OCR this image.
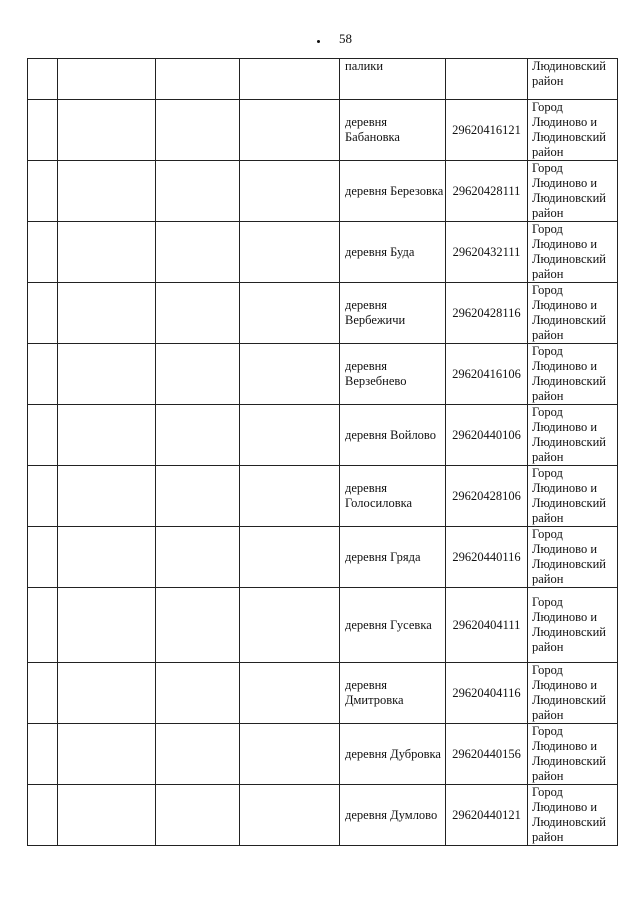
58
				палики		Людиновский район
				деревня Бабановка	29620416121	Город Людиново и Людиновский район
				деревня Березовка	29620428111	Город Людиново и Людиновский район
				деревня Буда	29620432111	Город Людиново и Людиновский район
				деревня Вербежичи	29620428116	Город Людиново и Людиновский район
				деревня Верзебнево	29620416106	Город Людиново и Людиновский район
				деревня Войлово	29620440106	Город Людиново и Людиновский район
				деревня Голосиловка	29620428106	Город Людиново и Людиновский район
				деревня Гряда	29620440116	Город Людиново и Людиновский район
				деревня Гусевка	29620404111	Город Людиново и Людиновский район
				деревня Дмитровка	29620404116	Город Людиново и Людиновский район
				деревня Дубровка	29620440156	Город Людиново и Людиновский район
				деревня Думлово	29620440121	Город Людиново и Людиновский район
